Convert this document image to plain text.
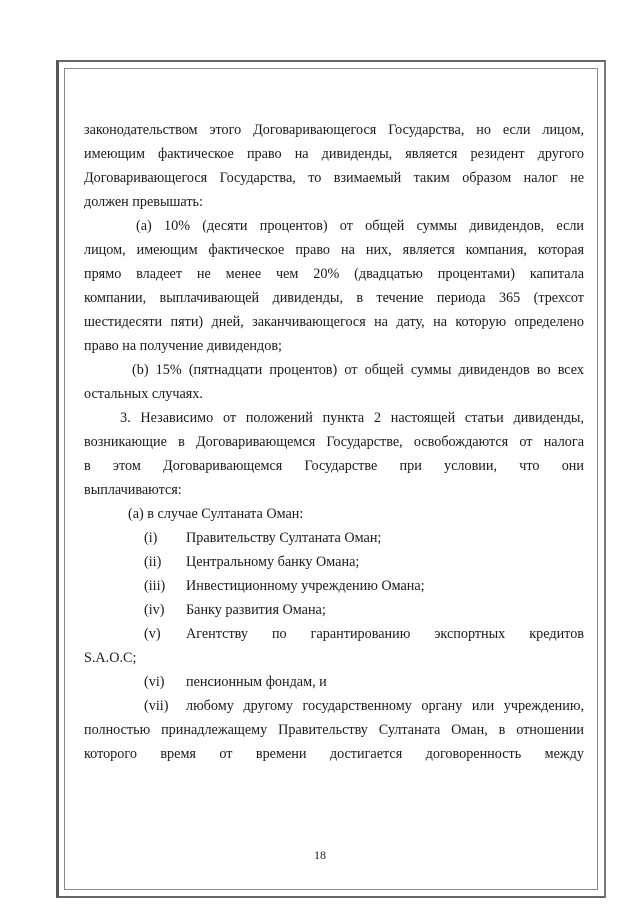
законодательством этого Договаривающегося Государства, но если лицом,
имеющим фактическое право на дивиденды, является резидент другого
Договаривающегося Государства, то взимаемый таким образом налог не
должен превышать:
(a) 10% (десяти процентов) от общей суммы дивидендов, если
лицом, имеющим фактическое право на них, является компания, которая
прямо владеет не менее чем 20% (двадцатью процентами) капитала
компании, выплачивающей дивиденды, в течение периода 365 (трехсот
шестидесяти пяти) дней, заканчивающегося на дату, на которую определено
право на получение дивидендов;
(b) 15% (пятнадцати процентов) от общей суммы дивидендов во всех
остальных случаях.
3. Независимо от положений пункта 2 настоящей статьи дивиденды,
возникающие в Договаривающемся Государстве, освобождаются от налога
в этом Договаривающемся Государстве при условии, что они
выплачиваются:

(a) в случае Султаната Оман:

(i)	Правительству Султаната Оман;
(ii)	Центральному банку Омана;
(iii)	Инвестиционному учреждению Омана;
(iv)	Банку развития Омана;
(v)	Агентству по гарантированию экспортных кредитов

S.A.O.C;

(vi)	пенсионным фондам, и
(vii)	любому другому государственному органу или учреждению,
полностью принадлежащему Правительству Султаната Оман, в отношении
которого время от времени достигается договоренность между
18
